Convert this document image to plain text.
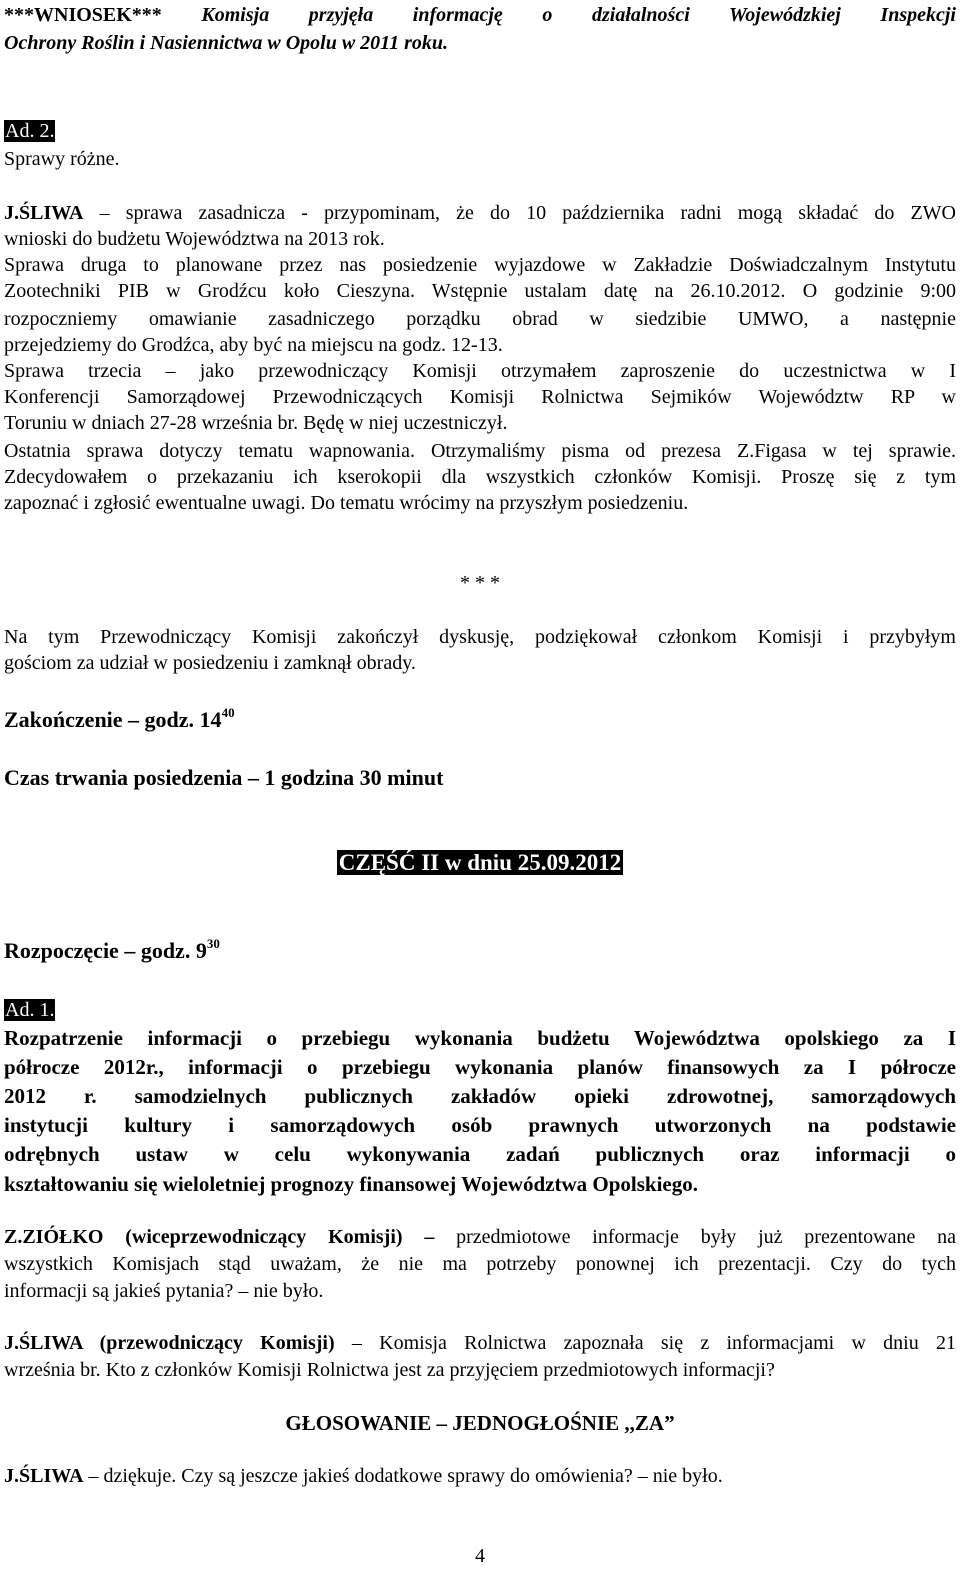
***WNIOSEK*** Komisja przyjęła informację o działalności Wojewódzkiej Inspekcji
Ochrony Roślin i Nasiennictwa w Opolu w 2011 roku.
Ad. 2.
Sprawy różne.
J.ŚLIWA – sprawa zasadnicza - przypominam, że do 10 października radni mogą składać do ZWO
wnioski do budżetu Województwa na 2013 rok.
Sprawa druga to planowane przez nas posiedzenie wyjazdowe w Zakładzie Doświadczalnym Instytutu
Zootechniki PIB w Grodźcu koło Cieszyna. Wstępnie ustalam datę na 26.10.2012. O godzinie 9:00
rozpoczniemy omawianie zasadniczego porządku obrad w siedzibie UMWO, a następnie
przejedziemy do Grodźca, aby być na miejscu na godz. 12-13.
Sprawa trzecia – jako przewodniczący Komisji otrzymałem zaproszenie do uczestnictwa w I
Konferencji Samorządowej Przewodniczących Komisji Rolnictwa Sejmików Województw RP w
Toruniu w dniach 27-28 września br. Będę w niej uczestniczył.
Ostatnia sprawa dotyczy tematu wapnowania. Otrzymaliśmy pisma od prezesa Z.Figasa w tej sprawie.
Zdecydowałem o przekazaniu ich kserokopii dla wszystkich członków Komisji. Proszę się z tym
zapoznać i zgłosić ewentualne uwagi. Do tematu wrócimy na przyszłym posiedzeniu.
* * *
Na tym Przewodniczący Komisji zakończył dyskusję, podziękował członkom Komisji i przybyłym
gościom za udział w posiedzeniu i zamknął obrady.
Zakończenie – godz. $14^{40}$
Czas trwania posiedzenia – 1 godzina 30 minut
CZĘŚĆ II w dniu 25.09.2012
Rozpoczęcie – godz. $9^{30}$
Ad. 1.
Rozpatrzenie informacji o przebiegu wykonania budżetu Województwa opolskiego za I
półrocze 2012r., informacji o przebiegu wykonania planów finansowych za I półrocze
2012 r. samodzielnych publicznych zakładów opieki zdrowotnej, samorządowych
instytucji kultury i samorządowych osób prawnych utworzonych na podstawie
odrębnych ustaw w celu wykonywania zadań publicznych oraz informacji o
kształtowaniu się wieloletniej prognozy finansowej Województwa Opolskiego.
Z.ZIÓŁKO (wiceprzewodniczący Komisji) – przedmiotowe informacje były już prezentowane na
wszystkich Komisjach stąd uważam, że nie ma potrzeby ponownej ich prezentacji. Czy do tych
informacji są jakieś pytania? – nie było.
J.ŚLIWA (przewodniczący Komisji) – Komisja Rolnictwa zapoznała się z informacjami w dniu 21
września br. Kto z członków Komisji Rolnictwa jest za przyjęciem przedmiotowych informacji?
GŁOSOWANIE – JEDNOGŁOŚNIE ,,ZA”
J.ŚLIWA – dziękuje. Czy są jeszcze jakieś dodatkowe sprawy do omówienia? – nie było.
4
